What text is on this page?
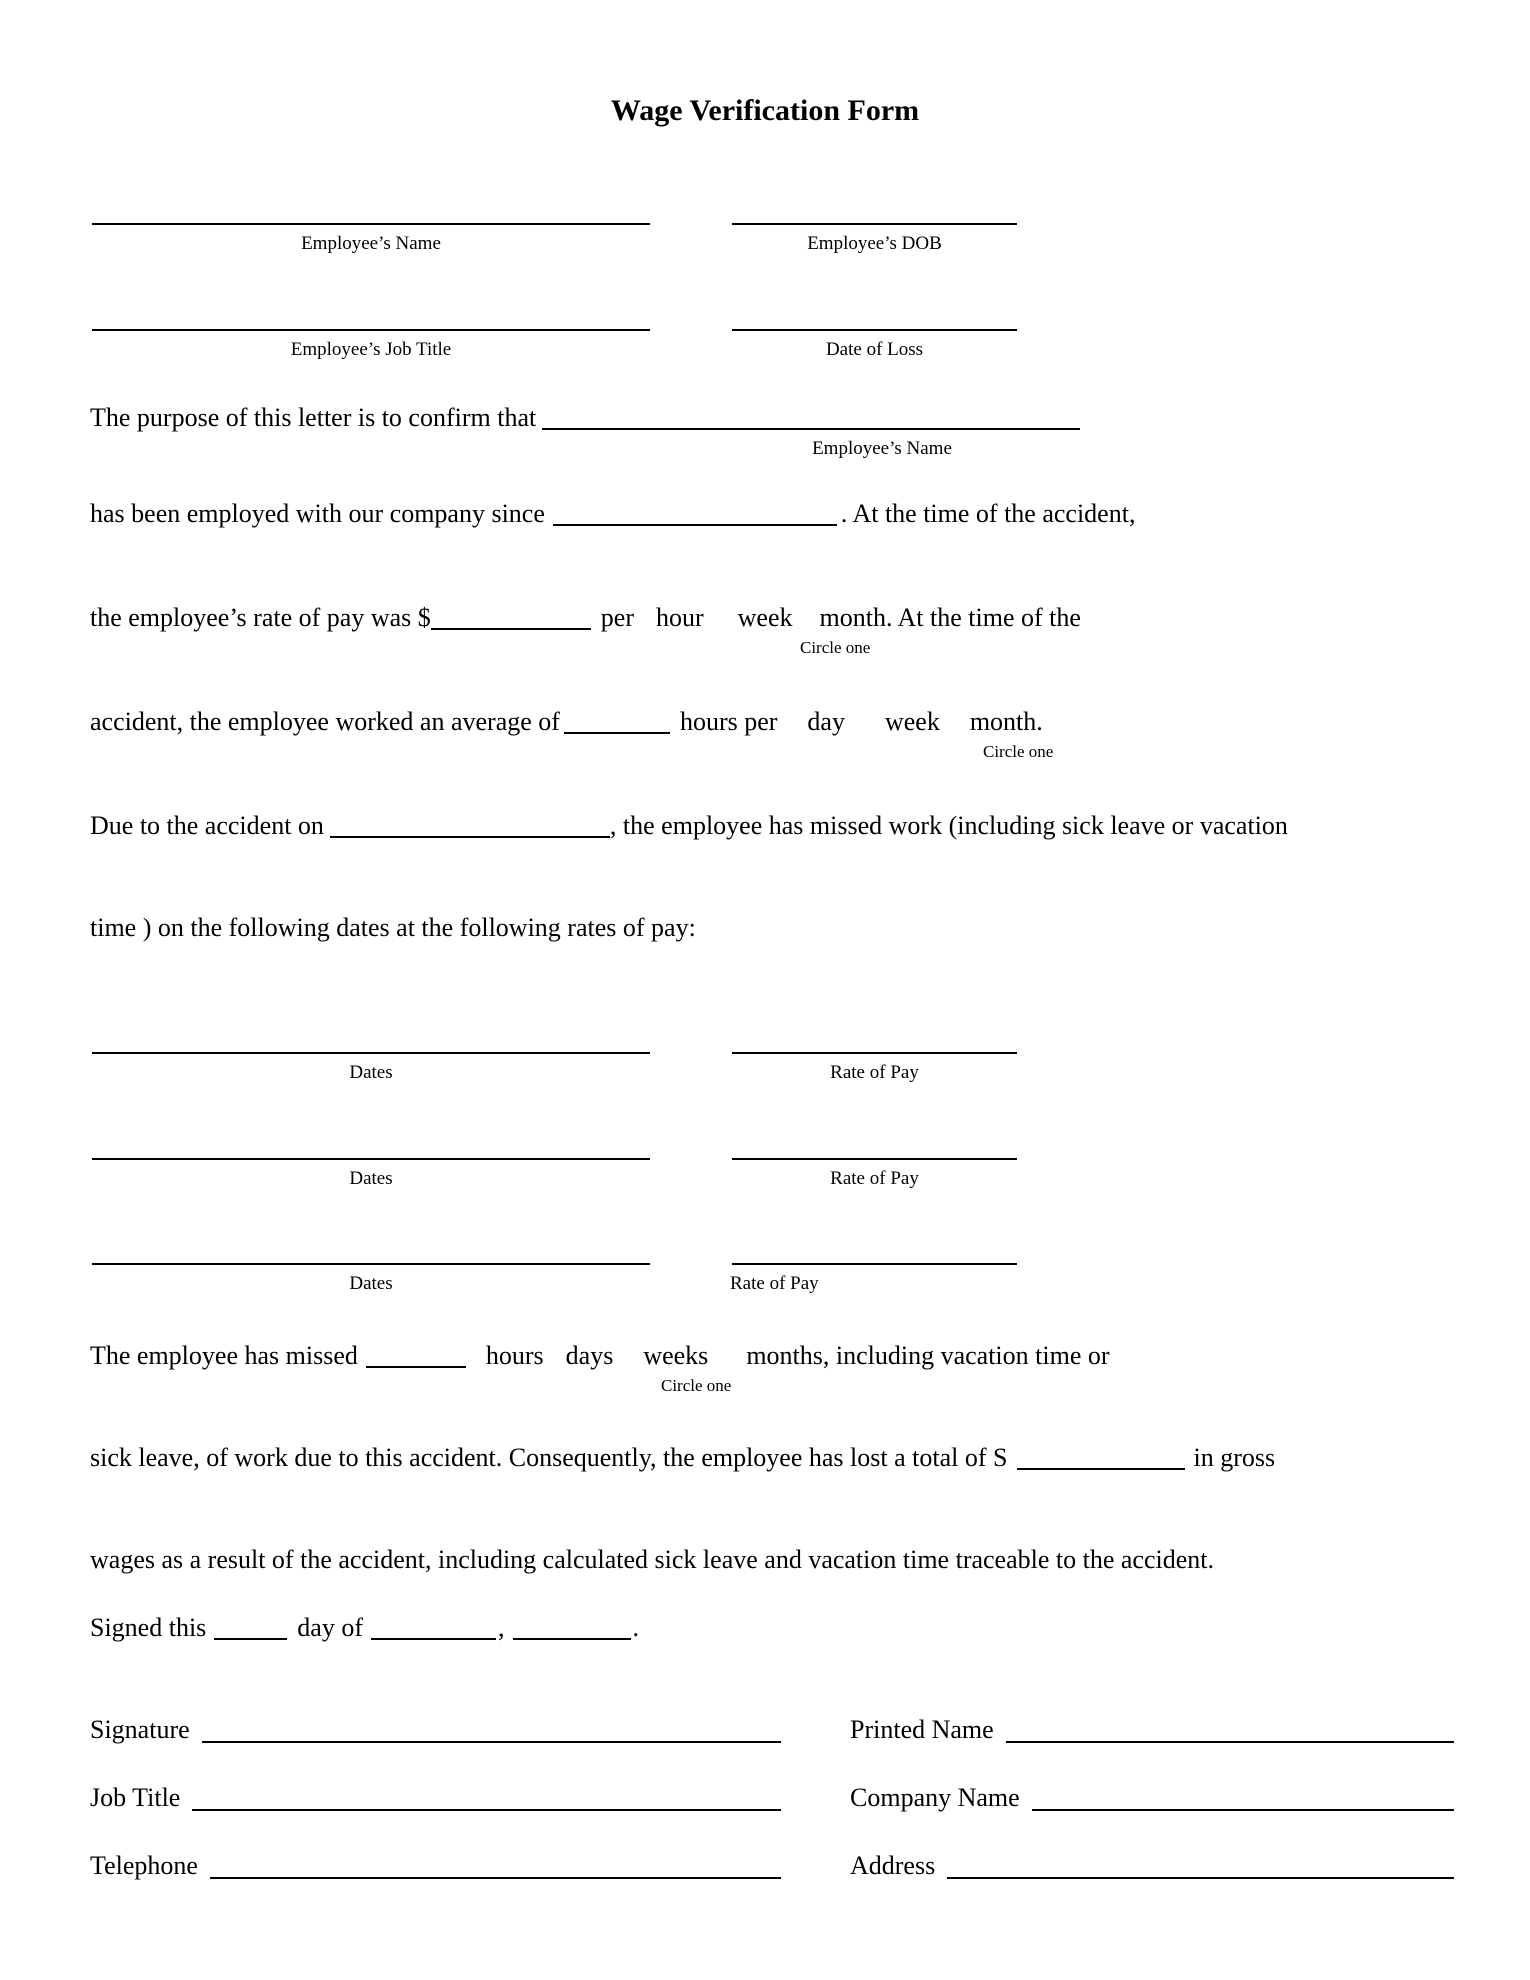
Wage Verification Form
Employee’s Name	Employee’s DOB
Employee’s Job Title	Date of Loss
The purpose of this letter is to confirm that
Employee’s Name
has been employed with our company since	. At the time of the accident,
the employee’s rate of pay was $	per hour week month. At the time of the
Circle one
accident, the employee worked an average of	hours per day week month.
Circle one
Due to the accident on	, the employee has missed work (including sick leave or vacation
time ) on the following dates at the following rates of pay:
Dates	Rate of Pay
Dates	Rate of Pay
Dates	Rate of Pay
The employee has missed	hours days weeks months, including vacation time or
Circle one
sick leave, of work due to this accident. Consequently, the employee has lost a total of S	in gross
wages as a result of the accident, including calculated sick leave and vacation time traceable to the accident.
Signed this	day of	,	.
Signature	Printed Name
Job Title	Company Name
Telephone	Address
